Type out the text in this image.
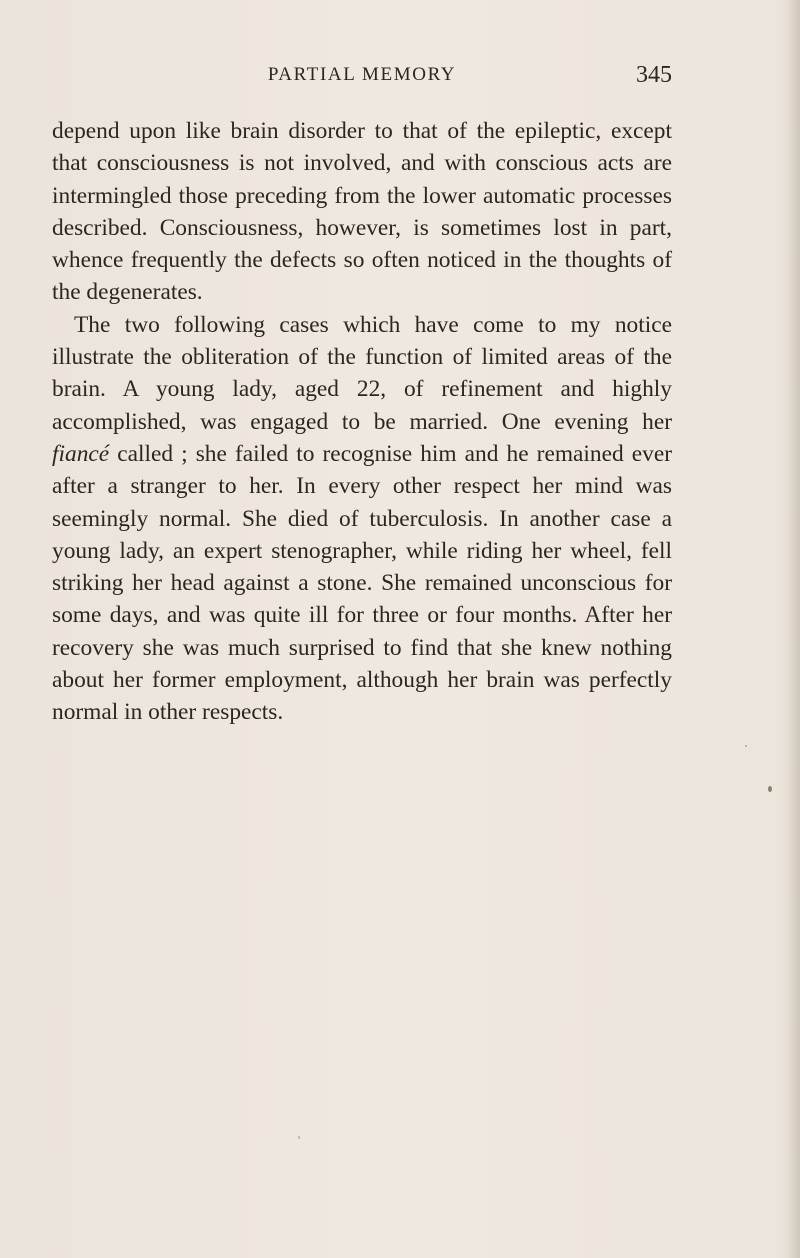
PARTIAL MEMORY	345

depend upon like brain disorder to that of the epileptic, except that consciousness is not involved, and with conscious acts are intermingled those preceding from the lower automatic processes described. Consciousness, however, is sometimes lost in part, whence frequently the defects so often noticed in the thoughts of the degenerates.

The two following cases which have come to my notice illustrate the obliteration of the function of limited areas of the brain. A young lady, aged 22, of refinement and highly accomplished, was engaged to be married. One evening her fiancé called ; she failed to recognise him and he remained ever after a stranger to her. In every other respect her mind was seemingly normal. She died of tuberculosis. In another case a young lady, an expert stenographer, while riding her wheel, fell striking her head against a stone. She remained unconscious for some days, and was quite ill for three or four months. After her recovery she was much surprised to find that she knew nothing about her former employment, although her brain was perfectly normal in other respects.
